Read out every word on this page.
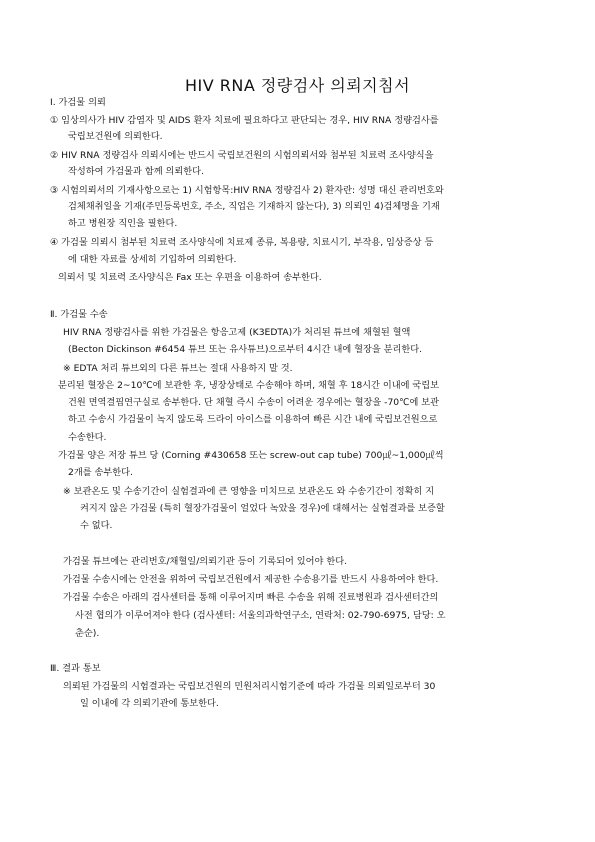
HIV RNA 정량검사 의뢰지침서
Ⅰ. 가검물 의뢰
① 임상의사가 HIV 감염자 및 AIDS 환자 치료에 필요하다고 판단되는 경우, HIV RNA 정량검사를
국립보건원에 의뢰한다.
② HIV RNA 정량검사 의뢰시에는 반드시 국립보건원의 시험의뢰서와 첨부된 치료력 조사양식을
작성하여 가검물과 함께 의뢰한다.
③ 시험의뢰서의 기재사항으로는 1) 시험항목:HIV RNA 정량검사 2) 환자란: 성명 대신 관리번호와
검체채취일을 기재(주민등록번호, 주소, 직업은 기재하지 않는다), 3) 의뢰인 4)검체명을 기재
하고 병원장 직인을 필한다.
④ 가검물 의뢰시 첨부된 치료력 조사양식에 치료제 종류, 복용량, 치료시기, 부작용, 임상증상 등
에 대한 자료를 상세히 기입하여 의뢰한다.
의뢰서 및 치료력 조사양식은 Fax 또는 우편을 이용하여 송부한다.
Ⅱ. 가검물 수송
HIV RNA 정량검사를 위한 가검물은 항응고제 (K3EDTA)가 처리된 튜브에 채혈된 혈액
(Becton Dickinson #6454 튜브 또는 유사튜브)으로부터 4시간 내에 혈장을 분리한다.
※ EDTA 처리 튜브외의 다른 튜브는 절대 사용하지 말 것.
분리된 혈장은 2~10℃에 보관한 후, 냉장상태로 수송해야 하며, 채혈 후 18시간 이내에 국립보
건원 면역결핍연구실로 송부한다. 단 채혈 즉시 수송이 어려운 경우에는 혈장을 -70℃에 보관
하고 수송시 가검물이 녹지 않도록 드라이 아이스를 이용하여 빠른 시간 내에 국립보건원으로
수송한다.
가검물 양은 저장 튜브 당 (Corning #430658 또는 screw-out cap tube) 700㎕~1,000㎕씩
2개를 송부한다.
※ 보관온도 및 수송기간이 실험결과에 큰 영향을 미치므로 보관온도 와 수송기간이 정확히 지
켜지지 않은 가검물 (특히 혈장가검물이 얼었다 녹았을 경우)에 대해서는 실험결과를 보증할
수 없다.
가검물 튜브에는 관리번호/채혈일/의뢰기관 등이 기록되어 있어야 한다.
가검물 수송시에는 안전을 위하여 국립보건원에서 제공한 수송용기를 반드시 사용하여야 한다.
가검물 수송은 아래의 검사센터를 통해 이루어지며 빠른 수송을 위해 진료병원과 검사센터간의
사전 협의가 이루어져야 한다 (검사센터: 서울의과학연구소, 연락처: 02-790-6975, 담당: 오
춘순).
Ⅲ. 결과 통보
의뢰된 가검물의 시험결과는 국립보건원의 민원처리시험기준에 따라 가검물 의뢰일로부터 30
일 이내에 각 의뢰기관에 통보한다.
